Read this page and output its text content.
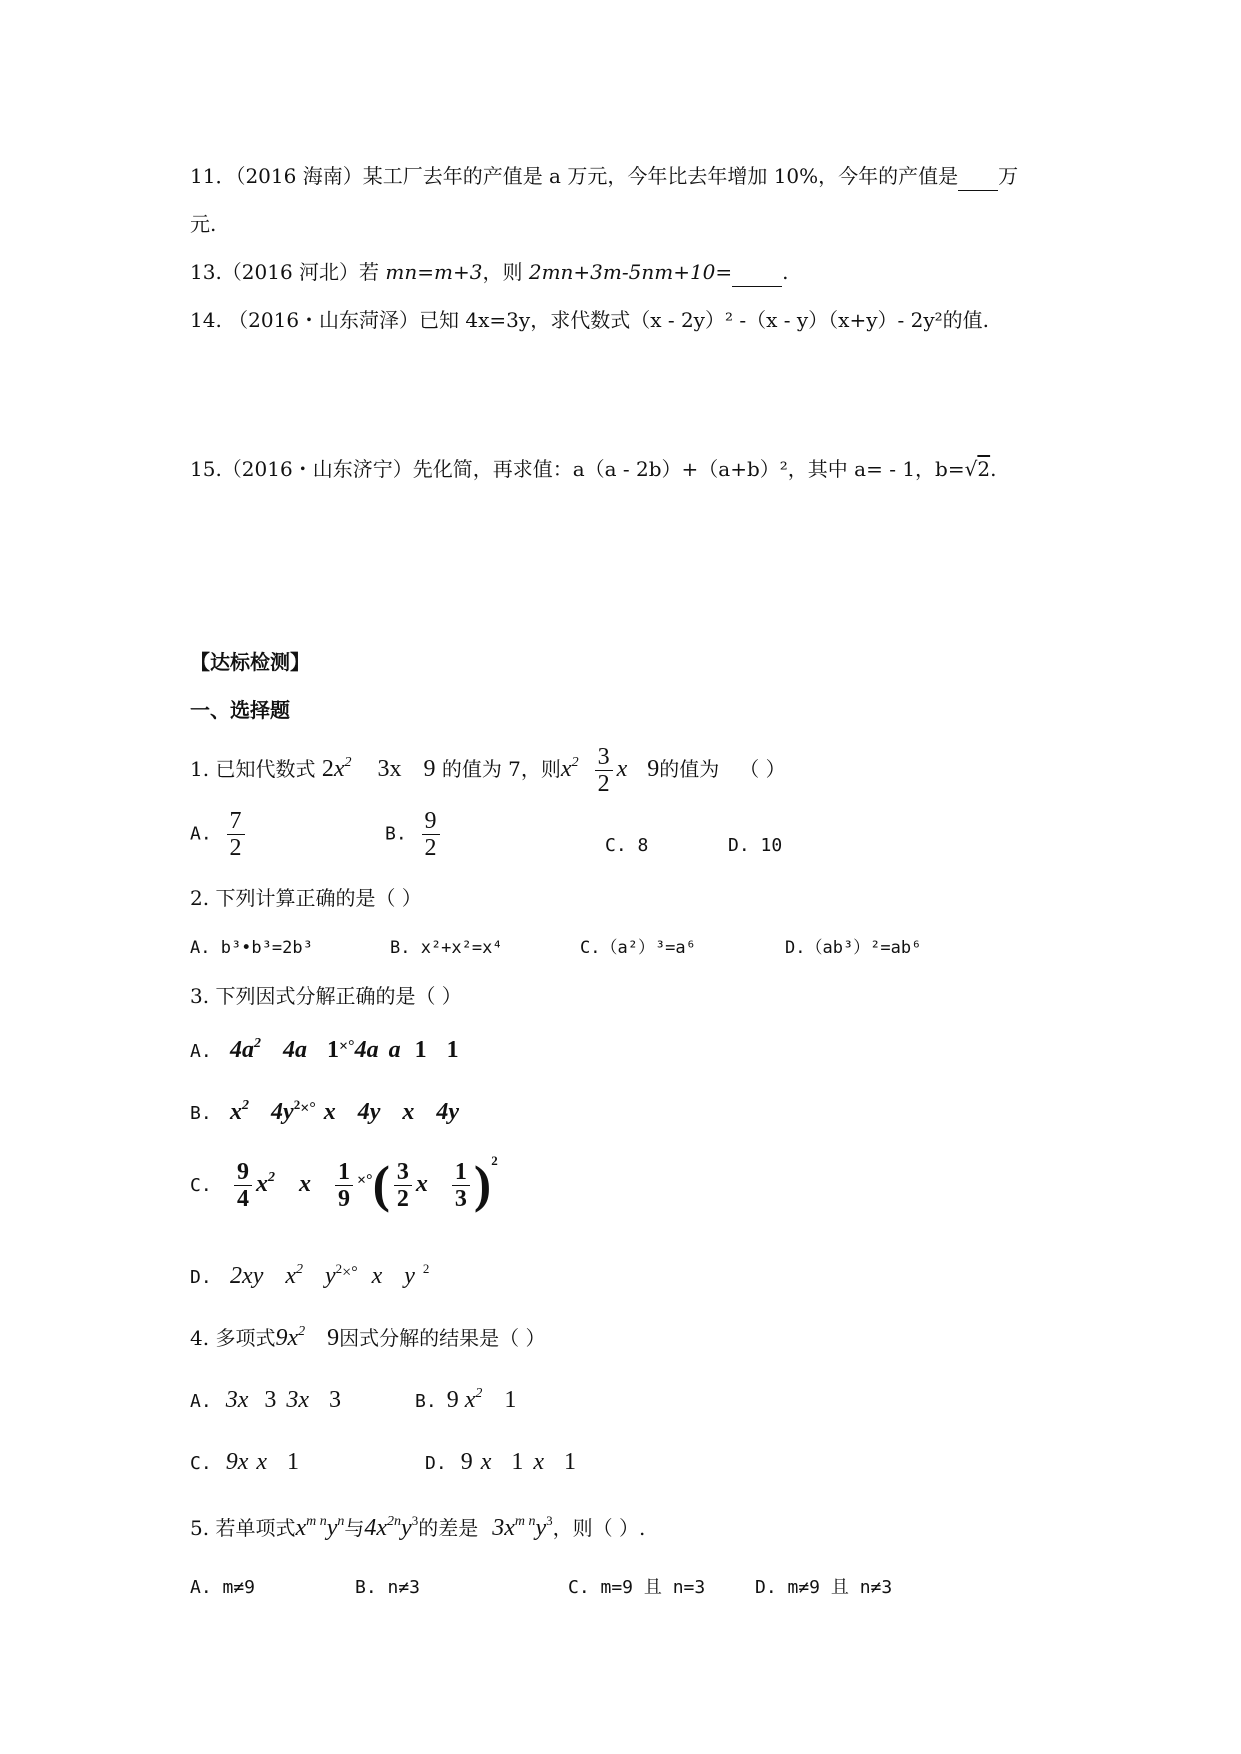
11．（2016 海南）某工厂去年的产值是 a 万元，今年比去年增加 10%，今年的产值是 万
元.
13.（2016 河北）若 mn=m+3，则 2mn+3m-5nm+10=	.
14. （2016・山东菏泽）已知 4x=3y，求代数式（x - 2y）² -（x - y）（x+y）- 2y²的值.
15.（2016・山东济宁）先化简，再求值：a（a - 2b）+（a+b）²，其中 a= - 1，b=√2.
【达标检测】
一、选择题
1. 已知代数式 $2x^2$ 3x 9 的值为 7，则$x^2 \frac{3}{2}$ x 9的值为 （ ）
A. $\frac{7}{2}$	B. $\frac{9}{2}$	C. 8	D. 10
2. 下列计算正确的是（ ）
A. b³•b³=2b³	B. x²+x²=x⁴	C.（a²）³=a⁶	D.（ab³）²=ab⁶
3. 下列因式分解正确的是（ ）
A. $4a^2$ 4a 1×°4a a 1 1
B. $x^2$ $4y^{2\times^\circ}$ x 4y x 4y
C. $\frac{9}{4} x^2$ x $\frac{1}{9} ^{\times^\circ}( \frac{3}{2}$ x $\frac{1}{3} )^2$
D. 2xy $x^2$ $y^{2\times^\circ}$ x y $^2$
4. 多项式$9x^2$ 9因式分解的结果是（ ）
A. 3x 3 3x 3	B. 9 $x^2$ 1
C. 9x x 1	D. 9 x 1 x 1
5. 若单项式$x^{m n}y^n$与$4x^{2n}y^3$的差是 $3x^{m n}y^3$，则（ ）.
A. m≠9	B. n≠3	C. m=9 且 n=3	D. m≠9 且 n≠3
